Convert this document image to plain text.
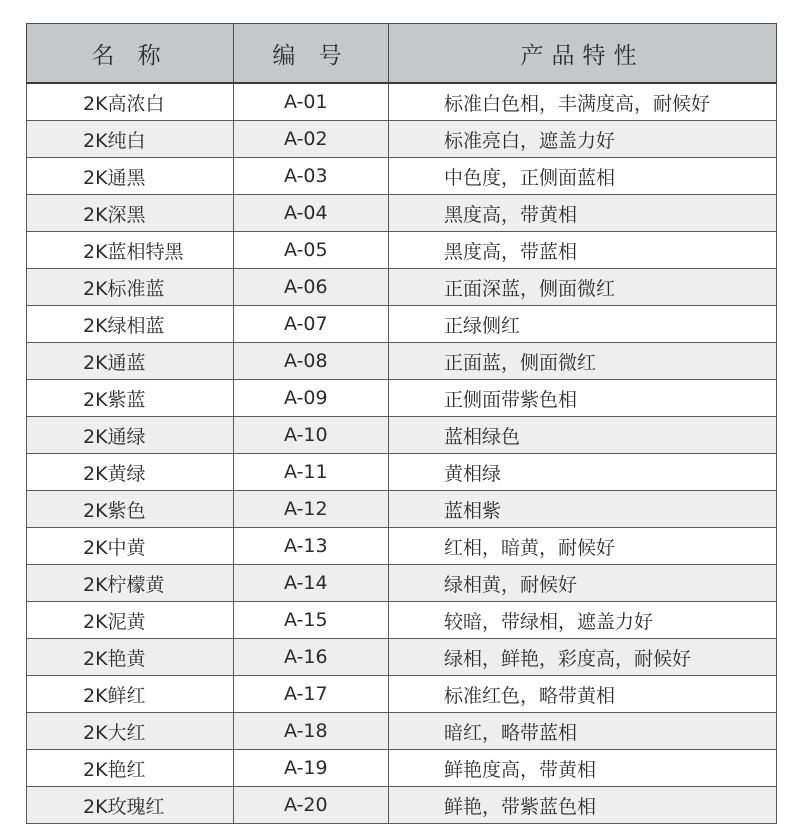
名 称	编 号	产品特性
2K高浓白	A-01	标准白色相，丰满度高，耐候好
2K纯白	A-02	标准亮白，遮盖力好
2K通黑	A-03	中色度，正侧面蓝相
2K深黑	A-04	黑度高，带黄相
2K蓝相特黑	A-05	黑度高，带蓝相
2K标准蓝	A-06	正面深蓝，侧面微红
2K绿相蓝	A-07	正绿侧红
2K通蓝	A-08	正面蓝，侧面微红
2K紫蓝	A-09	正侧面带紫色相
2K通绿	A-10	蓝相绿色
2K黄绿	A-11	黄相绿
2K紫色	A-12	蓝相紫
2K中黄	A-13	红相，暗黄，耐候好
2K柠檬黄	A-14	绿相黄，耐候好
2K泥黄	A-15	较暗，带绿相，遮盖力好
2K艳黄	A-16	绿相，鲜艳，彩度高，耐候好
2K鲜红	A-17	标准红色，略带黄相
2K大红	A-18	暗红，略带蓝相
2K艳红	A-19	鲜艳度高，带黄相
2K玫瑰红	A-20	鲜艳，带紫蓝色相
